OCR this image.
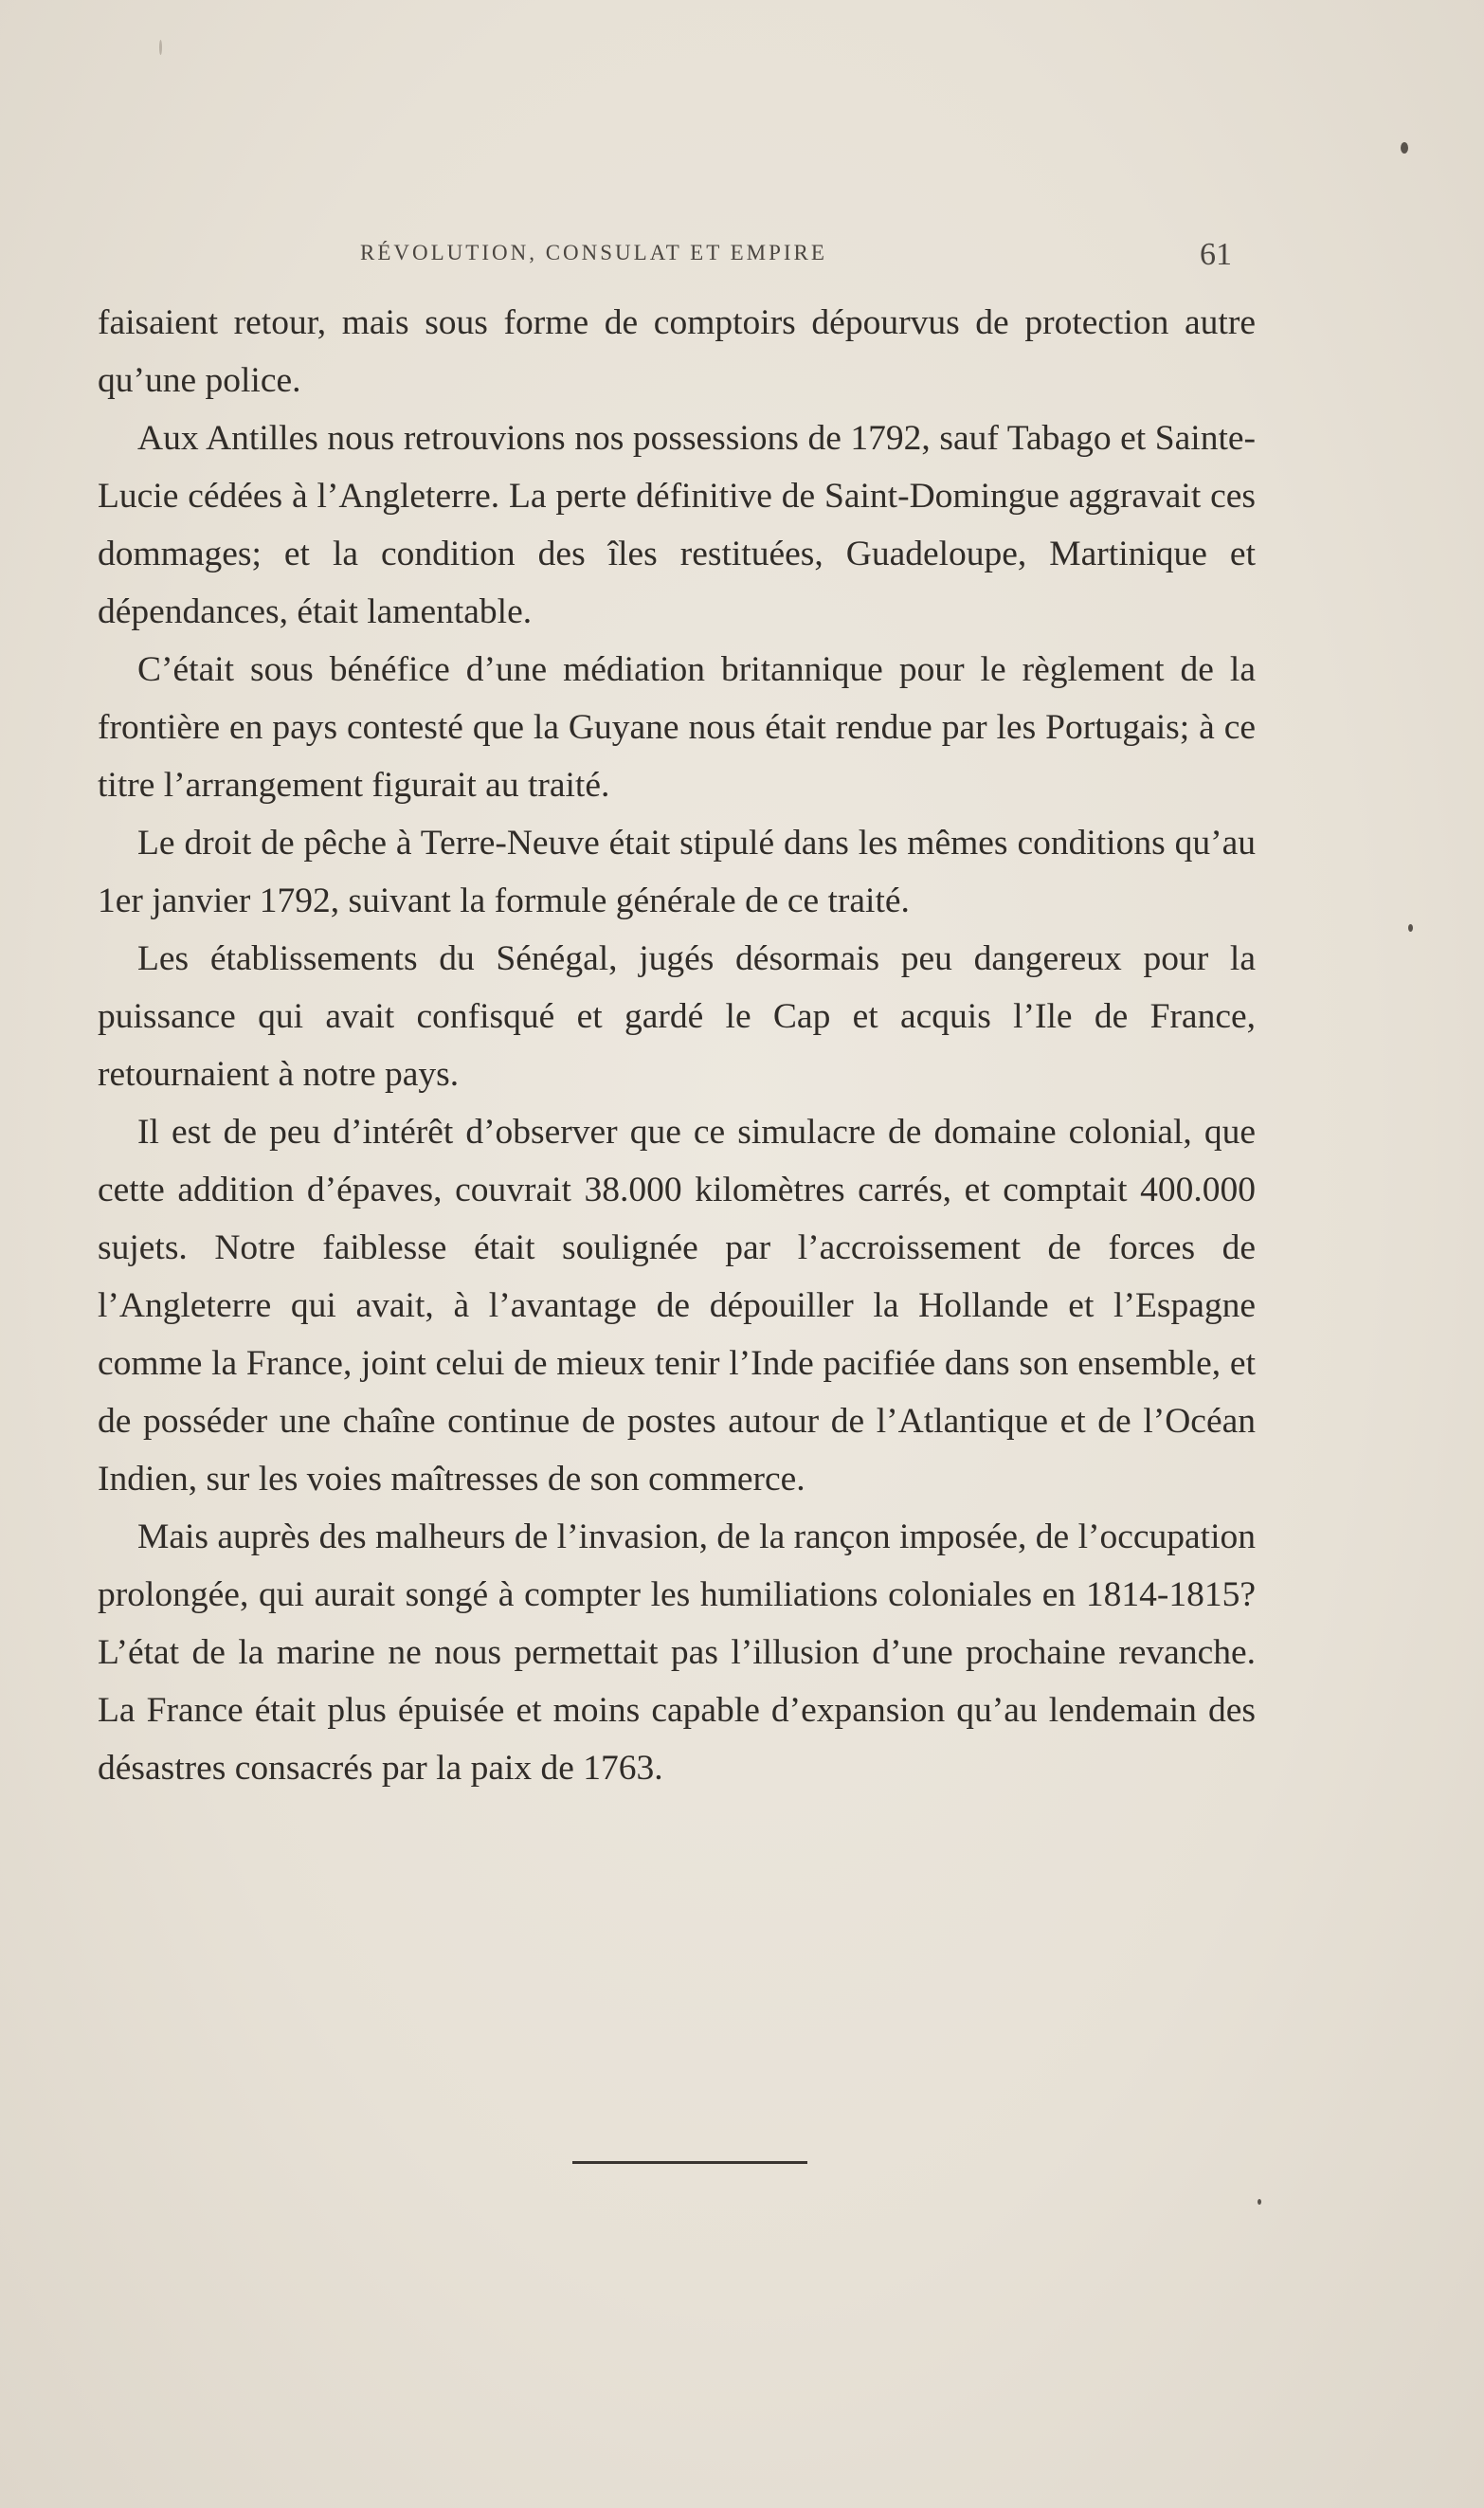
RÉVOLUTION, CONSULAT ET EMPIRE	61

faisaient retour, mais sous forme de comptoirs dépourvus de protection autre qu’une police.

Aux Antilles nous retrouvions nos possessions de 1792, sauf Tabago et Sainte-Lucie cédées à l’Angleterre. La perte définitive de Saint-Domingue aggravait ces dommages; et la condition des îles restituées, Guadeloupe, Martinique et dépendances, était lamentable.

C’était sous bénéfice d’une médiation britannique pour le règlement de la frontière en pays contesté que la Guyane nous était rendue par les Portugais; à ce titre l’arrangement figurait au traité.

Le droit de pêche à Terre-Neuve était stipulé dans les mêmes conditions qu’au 1er janvier 1792, suivant la formule générale de ce traité.

Les établissements du Sénégal, jugés désormais peu dangereux pour la puissance qui avait confisqué et gardé le Cap et acquis l’Ile de France, retournaient à notre pays.

Il est de peu d’intérêt d’observer que ce simulacre de domaine colonial, que cette addition d’épaves, couvrait 38.000 kilomètres carrés, et comptait 400.000 sujets. Notre faiblesse était soulignée par l’accroissement de forces de l’Angleterre qui avait, à l’avantage de dépouiller la Hollande et l’Espagne comme la France, joint celui de mieux tenir l’Inde pacifiée dans son ensemble, et de posséder une chaîne continue de postes autour de l’Atlantique et de l’Océan Indien, sur les voies maîtresses de son commerce.

Mais auprès des malheurs de l’invasion, de la rançon imposée, de l’occupation prolongée, qui aurait songé à compter les humiliations coloniales en 1814-1815? L’état de la marine ne nous permettait pas l’illusion d’une prochaine revanche. La France était plus épuisée et moins capable d’expansion qu’au lendemain des désastres consacrés par la paix de 1763.
